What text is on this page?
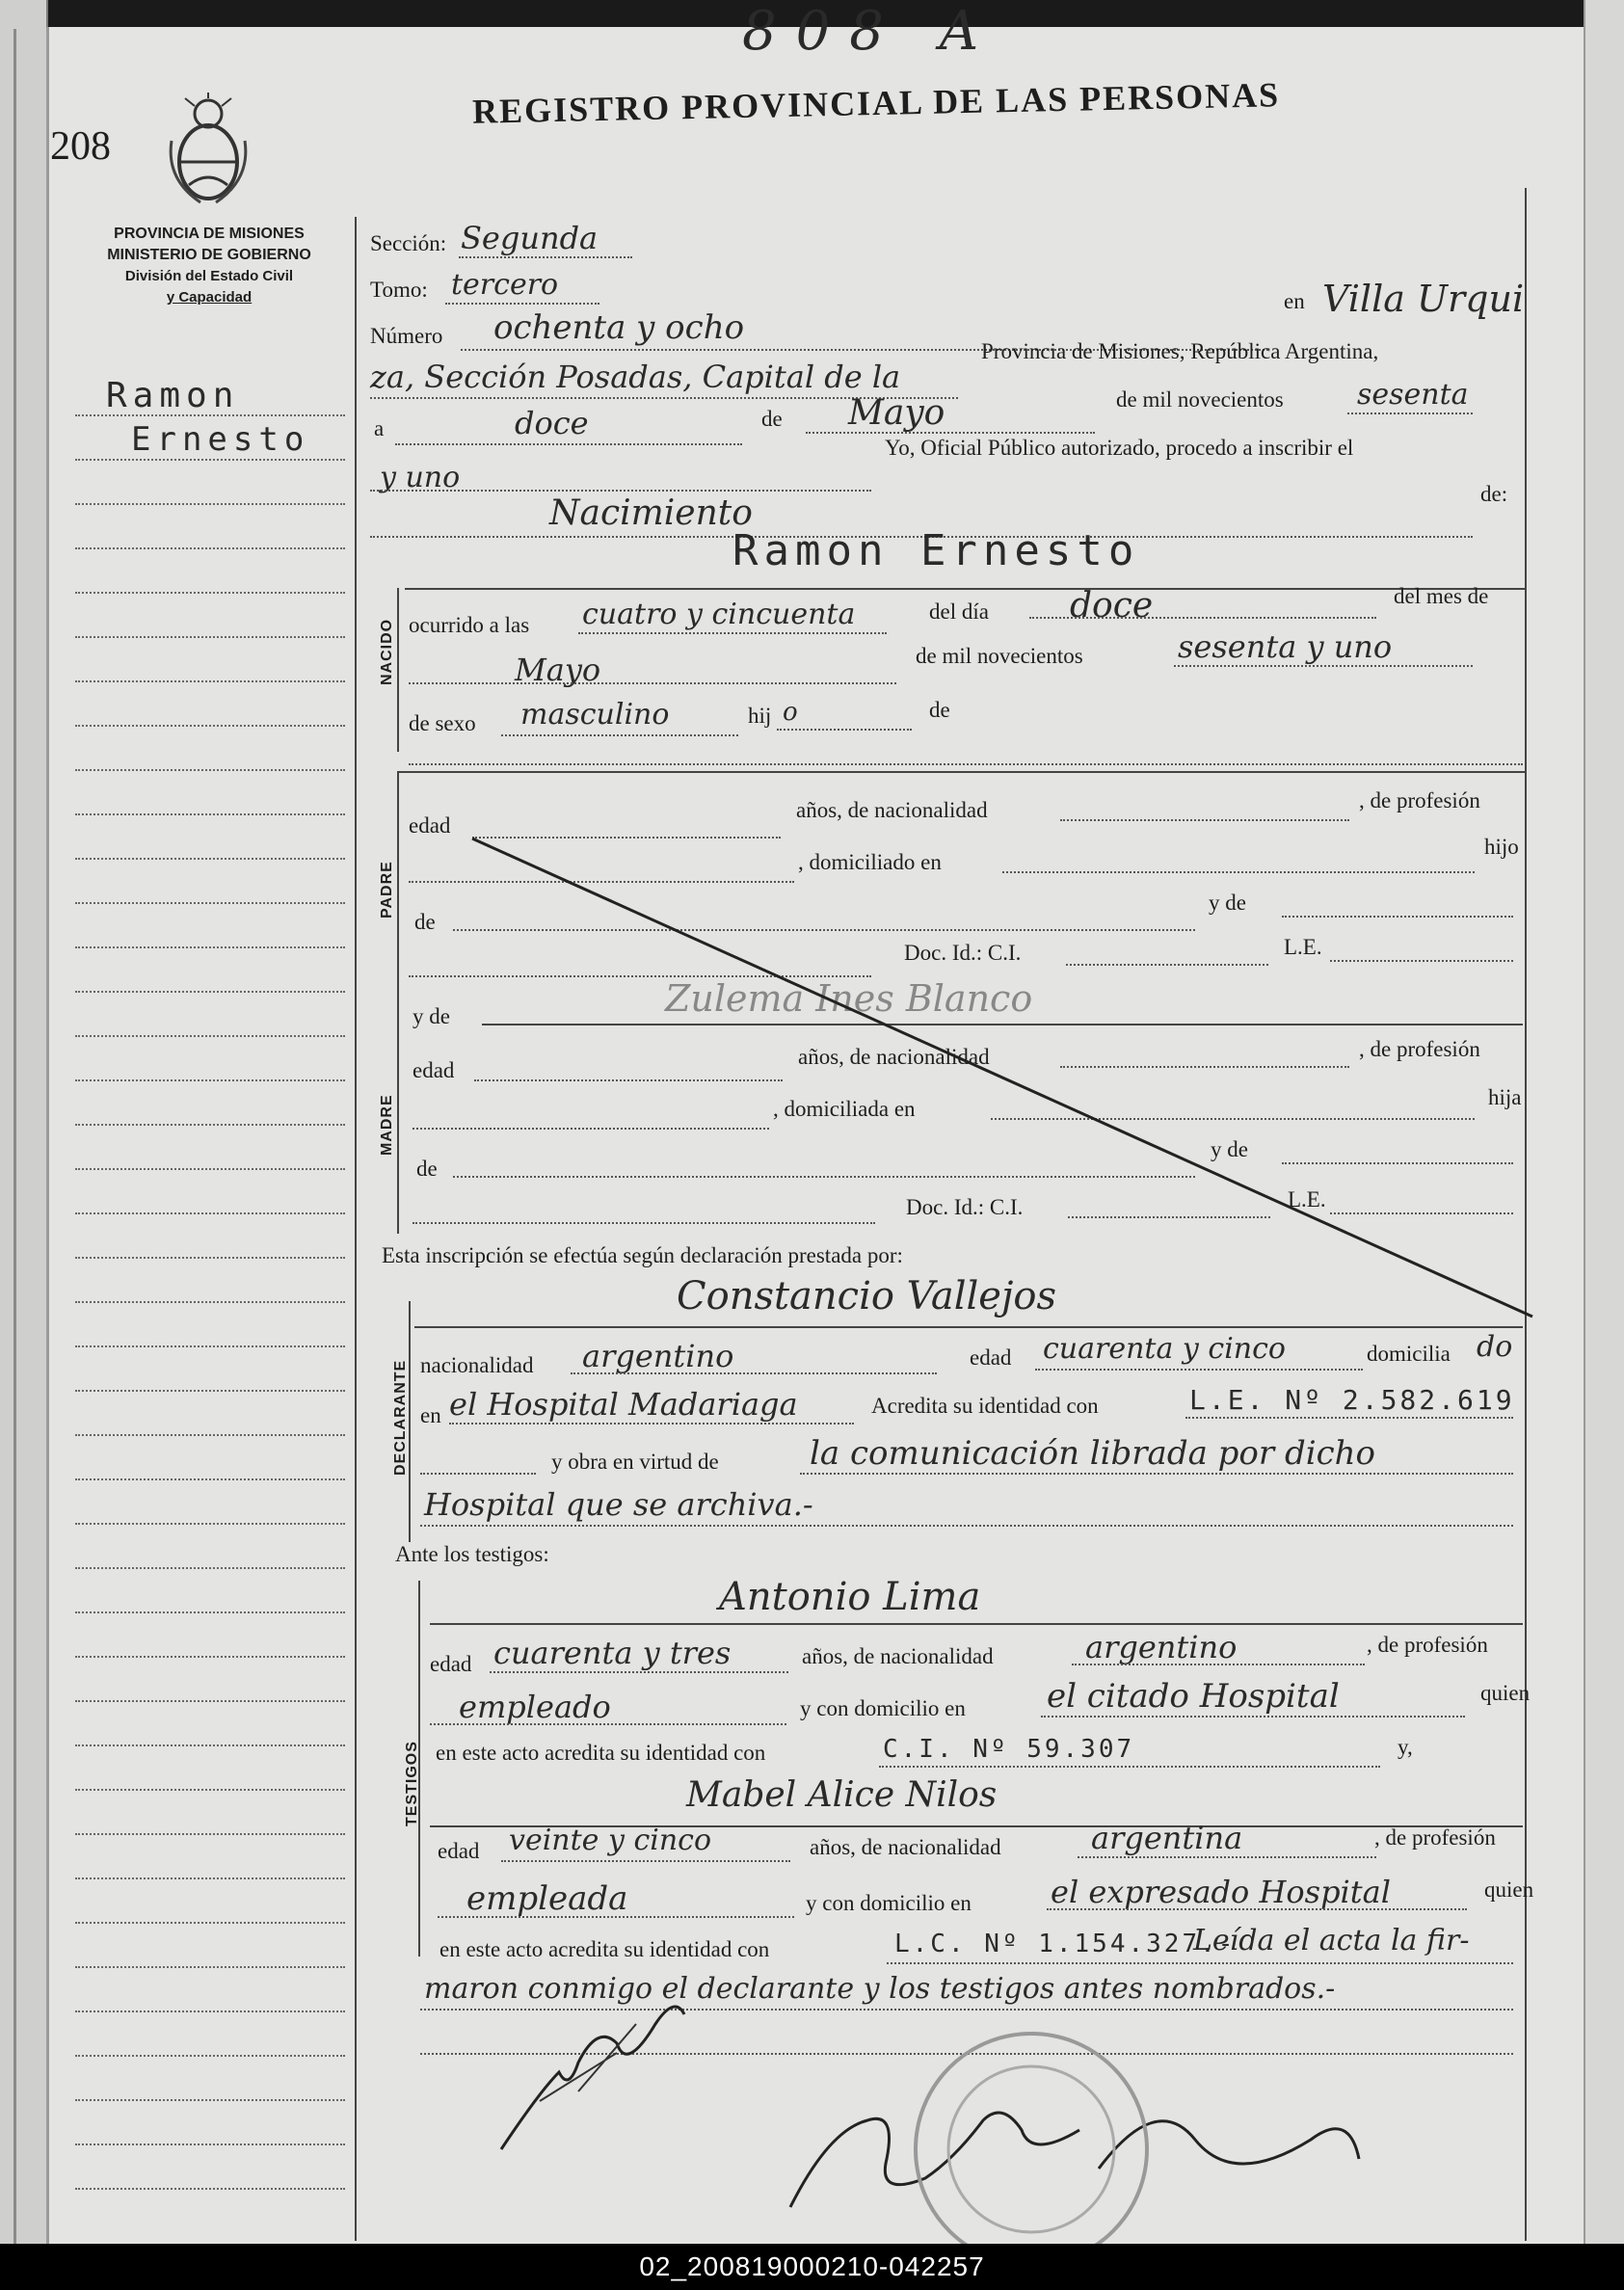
808 A
208
REGISTRO PROVINCIAL DE LAS PERSONAS
PROVINCIA DE MISIONES
MINISTERIO DE GOBIERNO
División del Estado Civil
y Capacidad
Ramon
Ernesto
Sección: Segunda
Tomo: tercero
Número ochenta y ocho
en Villa Urqui
za, Sección Posadas, Capital de la
Provincia de Misiones, República Argentina,
a	doce	de Mayo	de mil novecientos	sesenta
y uno
Yo, Oficial Público autorizado, procedo a inscribir el
de:
Nacimiento
Ramon Ernesto
NACIDO ocurrido a las cuatro y cincuenta	del día doce	del mes de
Mayo	de mil novecientos	sesenta y uno
de sexo masculino	hij o	de
PADRE
edad
años, de nacionalidad	, de profesión
, domiciliado en
hijo
de
y de
Doc. Id.: C.I.	L.E.
MADRE
y de	Zulema Ines Blanco
edad
años, de nacionalidad	, de profesión
, domiciliada en	hija
de
y de
Doc. Id.: C.I.	L.E.
Esta inscripción se efectúa según declaración prestada por:
Constancio Vallejos
DECLARANTE nacionalidad argentino	edad cuarenta y cinco	domicilia do
en el Hospital Madariaga	Acredita su identidad con	L.E. Nº 2.582.619
y obra en virtud de	la comunicación librada por dicho
Hospital que se archiva.-
Ante los testigos:
TESTIGOS
Antonio Lima
edad cuarenta y tres	años, de nacionalidad	argentino	, de profesión
empleado	y con domicilio en el citado Hospital	quien
en este acto acredita su identidad con	C.I. Nº 59.307	y,
Mabel Alice Nilos
edad veinte y cinco	años, de nacionalidad	argentina	, de profesión
empleada	y con domicilio en	el expresado Hospital	quien
en este acto acredita su identidad con	L.C. Nº 1.154.327.-
Leída el acta la fir-
maron conmigo el declarante y los testigos antes nombrados.-
02_200819000210-042257
